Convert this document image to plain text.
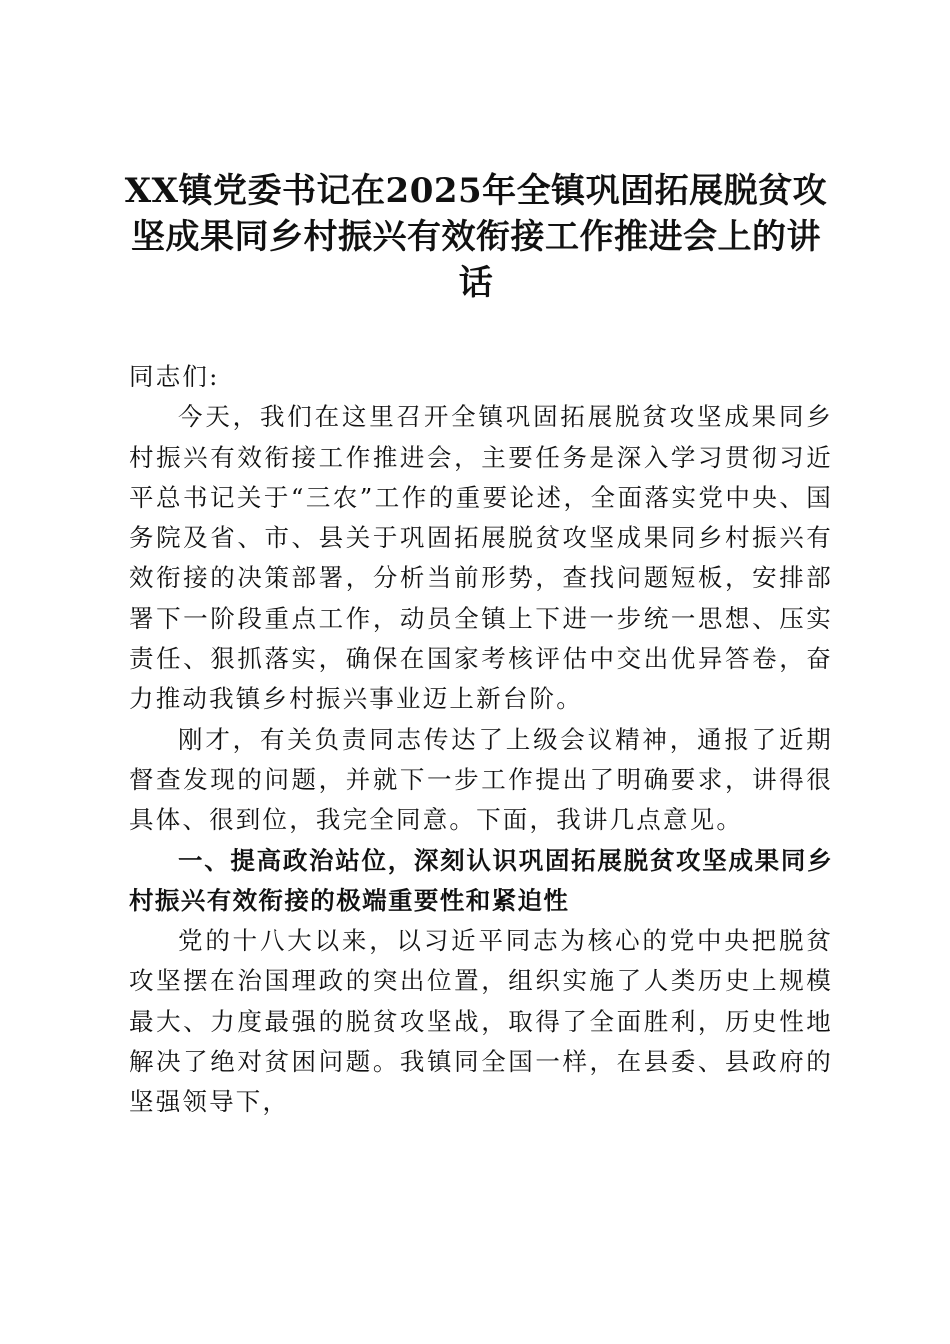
XX镇党委书记在2025年全镇巩固拓展脱贫攻坚成果同乡村振兴有效衔接工作推进会上的讲话

同志们:

今天，我们在这里召开全镇巩固拓展脱贫攻坚成果同乡村振兴有效衔接工作推进会，主要任务是深入学习贯彻习近平总书记关于“三农”工作的重要论述，全面落实党中央、国务院及省、市、县关于巩固拓展脱贫攻坚成果同乡村振兴有效衔接的决策部署，分析当前形势，查找问题短板，安排部署下一阶段重点工作，动员全镇上下进一步统一思想、压实责任、狠抓落实，确保在国家考核评估中交出优异答卷，奋力推动我镇乡村振兴事业迈上新台阶。

刚才，有关负责同志传达了上级会议精神，通报了近期督查发现的问题，并就下一步工作提出了明确要求，讲得很具体、很到位，我完全同意。下面，我讲几点意见。

一、提高政治站位，深刻认识巩固拓展脱贫攻坚成果同乡村振兴有效衔接的极端重要性和紧迫性

党的十八大以来，以习近平同志为核心的党中央把脱贫攻坚摆在治国理政的突出位置，组织实施了人类历史上规模最大、力度最强的脱贫攻坚战，取得了全面胜利，历史性地解决了绝对贫困问题。我镇同全国一样，在县委、县政府的坚强领导下，
